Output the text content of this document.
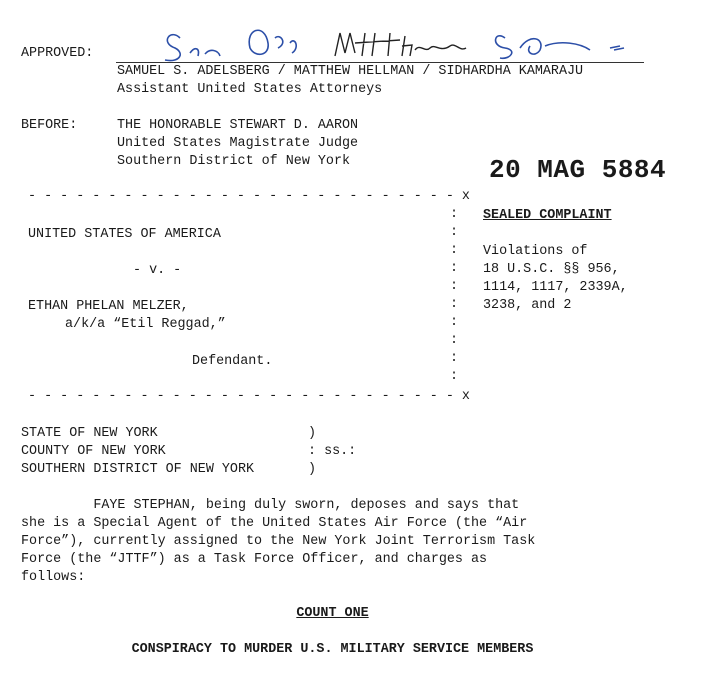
APPROVED:
SAMUEL S. ADELSBERG / MATTHEW HELLMAN / SIDHARDHA KAMARAJU
Assistant United States Attorneys
BEFORE:	THE HONORABLE STEWART D. AARON
United States Magistrate Judge
Southern District of New York	20 MAG 5884
- - - - - - - - - - - - - - - - - - - - - - - - - - - x
:
:
:
:
:
:
:
:
:
:
UNITED STATES OF AMERICA
- v. -
ETHAN PHELAN MELZER,
a/k/a “Etil Reggad,”
Defendant.
SEALED COMPLAINT
Violations of
18 U.S.C. §§ 956,
1114, 1117, 2339A,
3238, and 2
- - - - - - - - - - - - - - - - - - - - - - - - - - - x
STATE OF NEW YORK
COUNTY OF NEW YORK
SOUTHERN DISTRICT OF NEW YORK
)
: ss.:
)
FAYE STEPHAN, being duly sworn, deposes and says that
she is a Special Agent of the United States Air Force (the “Air
Force”), currently assigned to the New York Joint Terrorism Task
Force (the “JTTF”) as a Task Force Officer, and charges as
follows:
COUNT ONE
CONSPIRACY TO MURDER U.S. MILITARY SERVICE MEMBERS
